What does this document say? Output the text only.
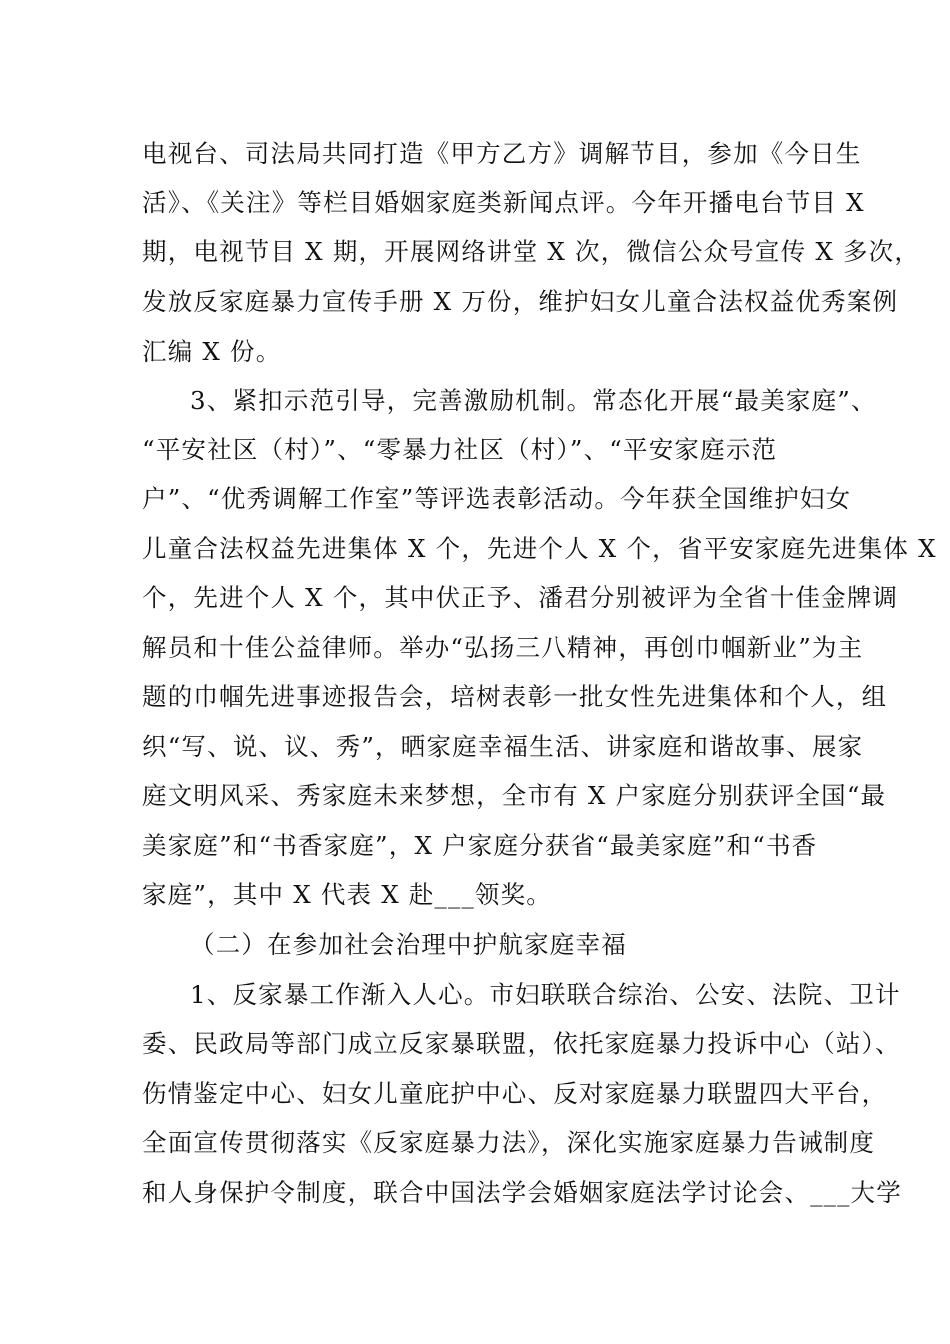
电视台、司法局共同打造《甲方乙方》调解节目，参加《今日生
活》、《关注》等栏目婚姻家庭类新闻点评。今年开播电台节目 X
期，电视节目 X 期，开展网络讲堂 X 次，微信公众号宣传 X 多次，
发放反家庭暴力宣传手册 X 万份，维护妇女儿童合法权益优秀案例
汇编 X 份。
3、紧扣示范引导，完善激励机制。常态化开展“最美家庭”、
“平安社区（村）”、“零暴力社区（村）”、“平安家庭示范
户”、“优秀调解工作室”等评选表彰活动。今年获全国维护妇女
儿童合法权益先进集体 X 个，先进个人 X 个，省平安家庭先进集体 X
个，先进个人 X 个，其中伏正予、潘君分别被评为全省十佳金牌调
解员和十佳公益律师。举办“弘扬三八精神，再创巾帼新业”为主
题的巾帼先进事迹报告会，培树表彰一批女性先进集体和个人，组
织“写、说、议、秀”，晒家庭幸福生活、讲家庭和谐故事、展家
庭文明风采、秀家庭未来梦想，全市有 X 户家庭分别获评全国“最
美家庭”和“书香家庭”，X 户家庭分获省“最美家庭”和“书香
家庭”，其中 X 代表 X 赴___领奖。
（二）在参加社会治理中护航家庭幸福
1、反家暴工作渐入人心。市妇联联合综治、公安、法院、卫计
委、民政局等部门成立反家暴联盟，依托家庭暴力投诉中心（站）、
伤情鉴定中心、妇女儿童庇护中心、反对家庭暴力联盟四大平台，
全面宣传贯彻落实《反家庭暴力法》，深化实施家庭暴力告诫制度
和人身保护令制度，联合中国法学会婚姻家庭法学讨论会、___大学
